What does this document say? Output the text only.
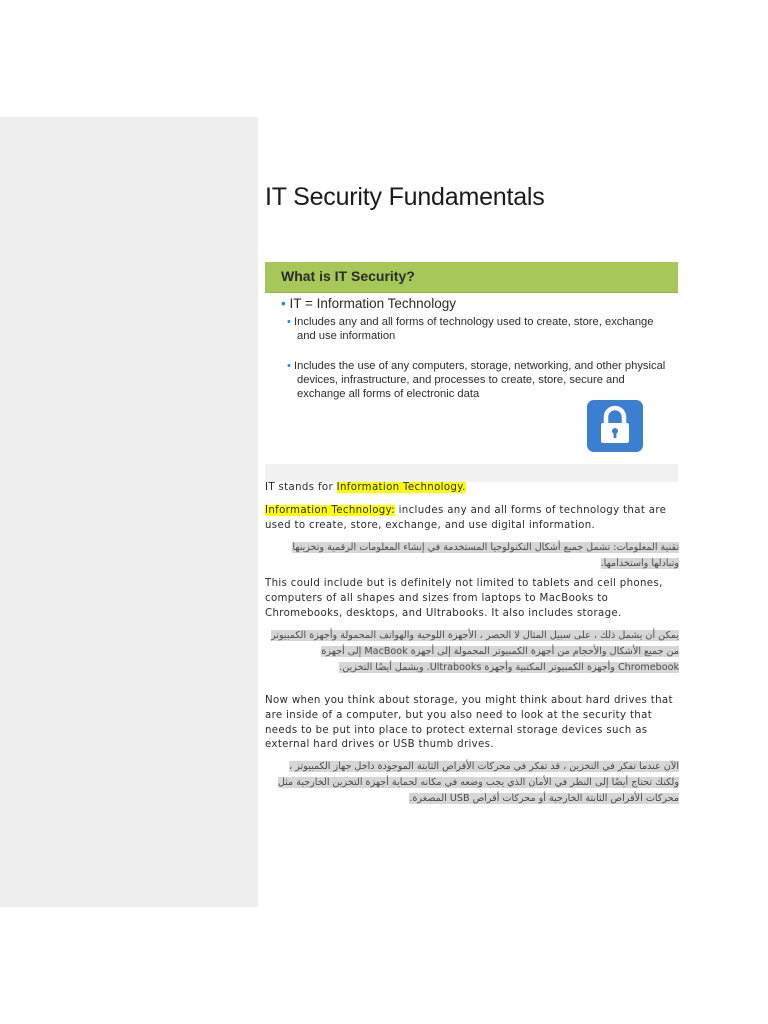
IT Security Fundamentals
What is IT Security?
• IT = Information Technology
• Includes any and all forms of technology used to create, store, exchange and use information
• Includes the use of any computers, storage, networking, and other physical devices, infrastructure, and processes to create, store, secure and exchange all forms of electronic data

IT stands for Information Technology.

Information Technology: includes any and all forms of technology that are used to create, store, exchange, and use digital information.

تقنية المعلومات: تشمل جميع أشكال التكنولوجيا المستخدمة في إنشاء المعلومات الرقمية وتخزينها وتبادلها واستخدامها.

This could include but is definitely not limited to tablets and cell phones, computers of all shapes and sizes from laptops to MacBooks to Chromebooks, desktops, and Ultrabooks. It also includes storage.

يمكن أن يشمل ذلك ، على سبيل المثال لا الحصر ، الأجهزة اللوحية والهواتف المحمولة وأجهزة الكمبيوتر من جميع الأشكال والأحجام من أجهزة الكمبيوتر المحمولة إلى أجهزة MacBook إلى أجهزة Chromebook وأجهزة الكمبيوتر المكتبية وأجهزة Ultrabooks. ويشمل أيضًا التخزين.

Now when you think about storage, you might think about hard drives that are inside of a computer, but you also need to look at the security that needs to be put into place to protect external storage devices such as external hard drives or USB thumb drives.

الآن عندما تفكر في التخزين ، قد تفكر في محركات الأقراص الثابتة الموجودة داخل جهاز الكمبيوتر ، ولكنك تحتاج أيضًا إلى النظر في الأمان الذي يجب وضعه في مكانه لحماية أجهزة التخزين الخارجية مثل محركات الأقراص الثابتة الخارجية أو محركات أقراص USB المصغرة.
